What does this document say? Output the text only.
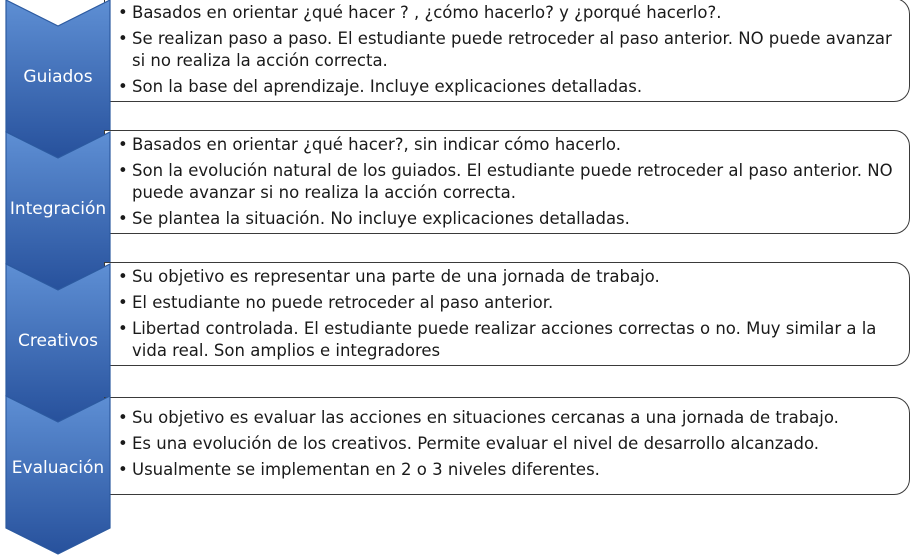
• Basados en orientar ¿qué hacer ? , ¿cómo hacerlo? y ¿porqué hacerlo?.
• Se realizan paso a paso. El estudiante puede retroceder al paso anterior. NO puede avanzar si no realiza la acción correcta.
• Son la base del aprendizaje. Incluye explicaciones detalladas.
Guiados
• Basados en orientar ¿qué hacer?, sin indicar cómo hacerlo.
• Son la evolución natural de los guiados. El estudiante puede retroceder al paso anterior. NO puede avanzar si no realiza la acción correcta.
• Se plantea la situación. No incluye explicaciones detalladas.
Integración
• Su objetivo es representar una parte de una jornada de trabajo.
• El estudiante no puede retroceder al paso anterior.
• Libertad controlada. El estudiante puede realizar acciones correctas o no. Muy similar a la vida real. Son amplios e integradores
Creativos
• Su objetivo es evaluar las acciones en situaciones cercanas a una jornada de trabajo.
• Es una evolución de los creativos. Permite evaluar el nivel de desarrollo alcanzado.
• Usualmente se implementan en 2 o 3 niveles diferentes.
Evaluación
